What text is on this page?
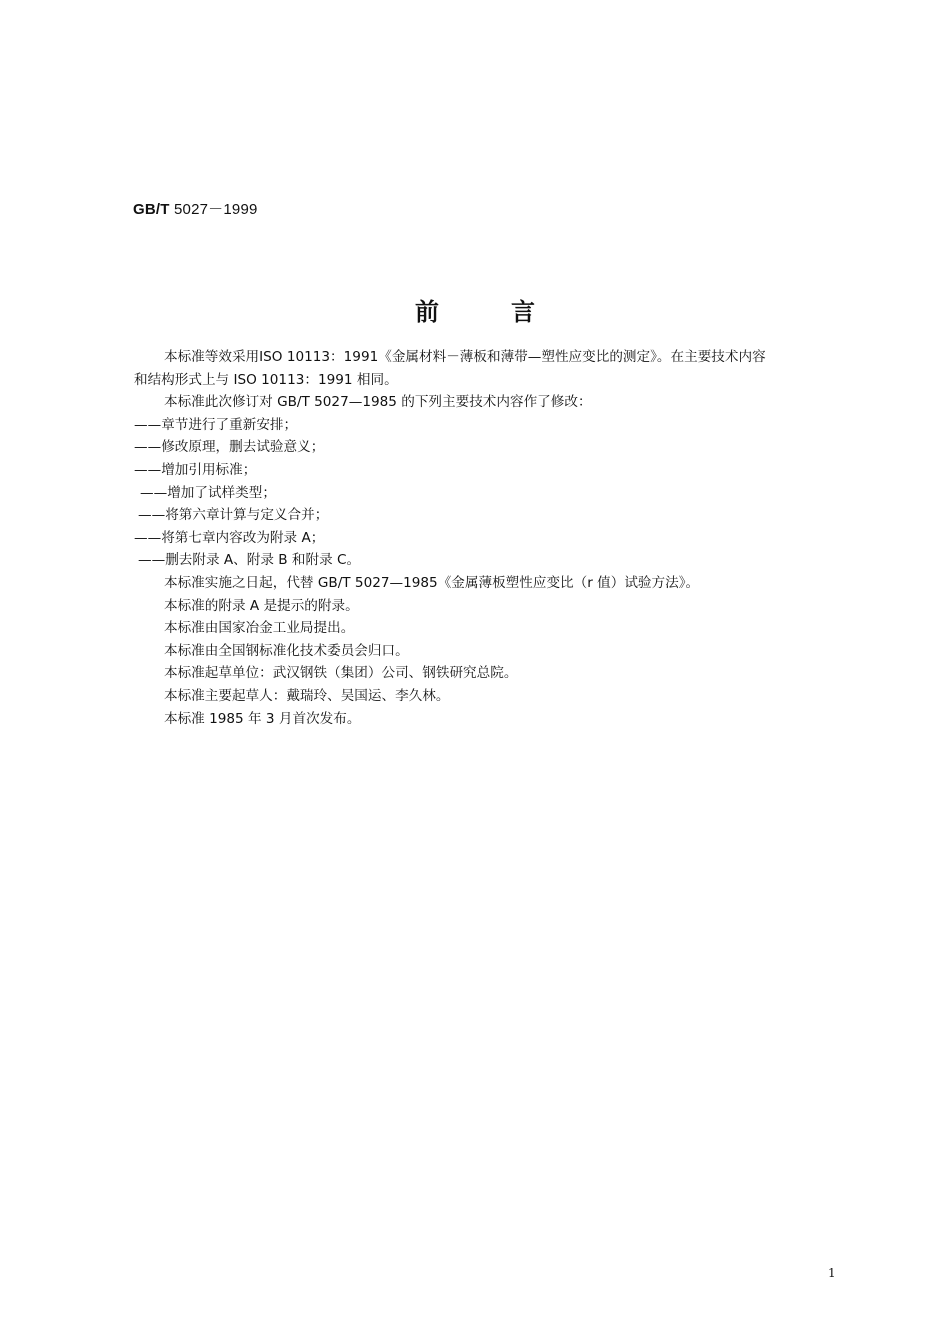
GB/T 5027－1999
前言
本标准等效采用ISO 10113：1991《金属材料－薄板和薄带—塑性应变比的测定》。在主要技术内容
和结构形式上与 ISO 10113：1991 相同。
本标准此次修订对 GB/T 5027—1985 的下列主要技术内容作了修改：
——章节进行了重新安排；
——修改原理，删去试验意义；
——增加引用标准；
——增加了试样类型；
——将第六章计算与定义合并；
——将第七章内容改为附录 A；
——删去附录 A、附录 B 和附录 C。
本标准实施之日起，代替 GB/T 5027—1985《金属薄板塑性应变比（r 值）试验方法》。
本标准的附录 A 是提示的附录。
本标准由国家冶金工业局提出。
本标准由全国钢标准化技术委员会归口。
本标准起草单位：武汉钢铁（集团）公司、钢铁研究总院。
本标准主要起草人：戴瑞玲、吴国运、李久林。
本标准 1985 年 3 月首次发布。
1
